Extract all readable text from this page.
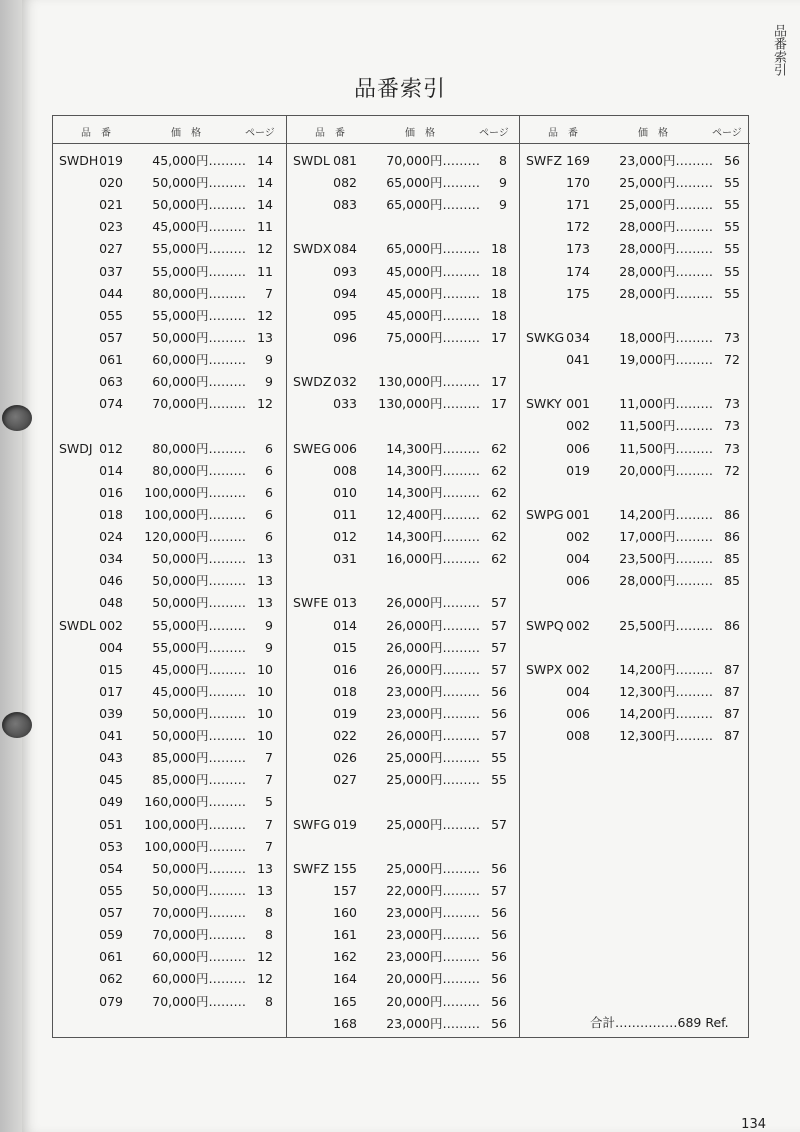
品番索引
品番索引
品　番	価　格	ページ
SWDH 019	45,000円……… 14
020	50,000円……… 14
021	50,000円……… 14
023	45,000円……… 11
027	55,000円……… 12
037	55,000円……… 11
044	80,000円………	7
055	55,000円……… 12
057	50,000円……… 13
061	60,000円………	9
063	60,000円………	9
074	70,000円……… 12
SWDJ 012	80,000円………	6
014	80,000円………	6
016	100,000円………	6
018	100,000円………	6
024	120,000円………	6
034	50,000円……… 13
046	50,000円……… 13
048	50,000円……… 13
SWDL 002	55,000円………	9
004	55,000円………	9
015	45,000円……… 10
017	45,000円……… 10
039	50,000円……… 10
041	50,000円……… 10
043	85,000円………	7
045	85,000円………	7
049	160,000円………	5
051	100,000円………	7
053	100,000円………	7
054	50,000円……… 13
055	50,000円……… 13
057	70,000円………	8
059	70,000円………	8
061	60,000円……… 12
062	60,000円……… 12
079	70,000円………	8
品　番	価　格	ページ
SWDL 081	70,000円………	8
082	65,000円………	9
083	65,000円………	9
SWDX 084	65,000円……… 18
093	45,000円……… 18
094	45,000円……… 18
095	45,000円……… 18
096	75,000円……… 17
SWDZ 032	130,000円……… 17
033	130,000円……… 17
SWEG 006	14,300円……… 62
008	14,300円……… 62
010	14,300円……… 62
011	12,400円……… 62
012	14,300円……… 62
031	16,000円……… 62
SWFE 013	26,000円……… 57
014	26,000円……… 57
015	26,000円……… 57
016	26,000円……… 57
018	23,000円……… 56
019	23,000円……… 56
022	26,000円……… 57
026	25,000円……… 55
027	25,000円……… 55
SWFG 019	25,000円……… 57
SWFZ 155	25,000円……… 56
157	22,000円……… 57
160	23,000円……… 56
161	23,000円……… 56
162	23,000円……… 56
164	20,000円……… 56
165	20,000円……… 56
168	23,000円……… 56
品　番	価　格	ページ
SWFZ 169	23,000円……… 56
170	25,000円……… 55
171	25,000円……… 55
172	28,000円……… 55
173	28,000円……… 55
174	28,000円……… 55
175	28,000円……… 55
SWKG 034	18,000円……… 73
041	19,000円……… 72
SWKY 001	11,000円……… 73
002	11,500円……… 73
006	11,500円……… 73
019	20,000円……… 72
SWPG 001	14,200円……… 86
002	17,000円……… 86
004	23,500円……… 85
006	28,000円……… 85
SWPQ 002	25,500円……… 86
SWPX 002	14,200円……… 87
004	12,300円……… 87
006	14,200円……… 87
008	12,300円……… 87
合計……………689 Ref.
134
